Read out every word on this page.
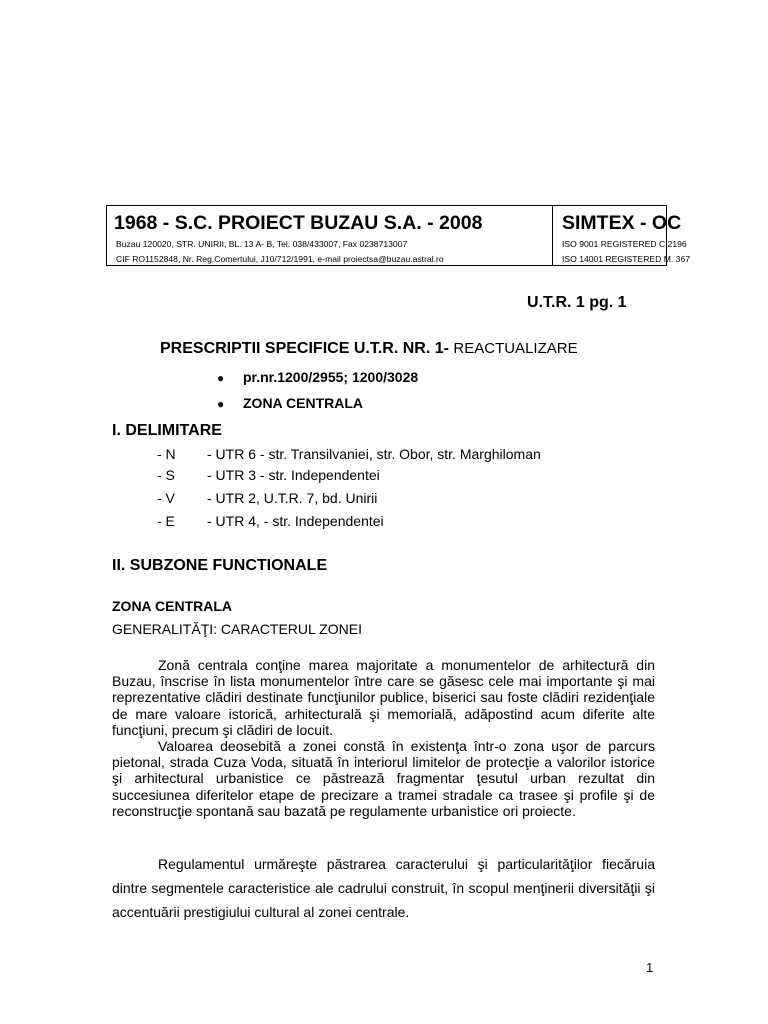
1968 - S.C. PROIECT BUZAU S.A. - 2008
Buzau 120020, STR. UNIRII, BL. 13 A- B, Tel. 038/433007, Fax 0238713007
CIF RO1152848, Nr. Reg.Comertului, J10/712/1991, e-mail proiectsa@buzau.astral.ro
SIMTEX - OC
ISO 9001 REGISTERED C.2196
ISO 14001 REGISTERED M. 367
U.T.R. 1 pg. 1
PRESCRIPTII SPECIFICE U.T.R. NR. 1- REACTUALIZARE
● pr.nr.1200/2955; 1200/3028
● ZONA CENTRALA
I. DELIMITARE
- N - UTR 6 - str. Transilvaniei, str. Obor, str. Marghiloman
- S - UTR 3 - str. Independentei
- V - UTR 2, U.T.R. 7, bd. Unirii
- E - UTR 4, - str. Independentei
II. SUBZONE FUNCTIONALE
ZONA CENTRALA
GENERALITĂŢI: CARACTERUL ZONEI

Zonă centrala conţine marea majoritate a monumentelor de arhitectură din Buzau, înscrise în lista monumentelor între care se găsesc cele mai importante şi mai reprezentative clădiri destinate funcţiunilor publice, biserici sau foste clădiri rezidenţiale de mare valoare istorică, arhitecturală şi memorială, adăpostind acum diferite alte funcţiuni, precum şi clădiri de locuit.

Valoarea deosebită a zonei constă în existenţa într-o zona uşor de parcurs pietonal, strada Cuza Voda, situată în interiorul limitelor de protecţie a valorilor istorice şi arhitectural urbanistice ce păstrează fragmentar ţesutul urban rezultat din succesiunea diferitelor etape de precizare a tramei stradale ca trasee şi profile şi de reconstrucţie spontană sau bazată pe regulamente urbanistice ori proiecte.

Regulamentul urmăreşte păstrarea caracterului şi particularităţilor fiecăruia dintre segmentele caracteristice ale cadrului construit, în scopul menţinerii diversităţii şi accentuării prestigiului cultural al zonei centrale.

1
